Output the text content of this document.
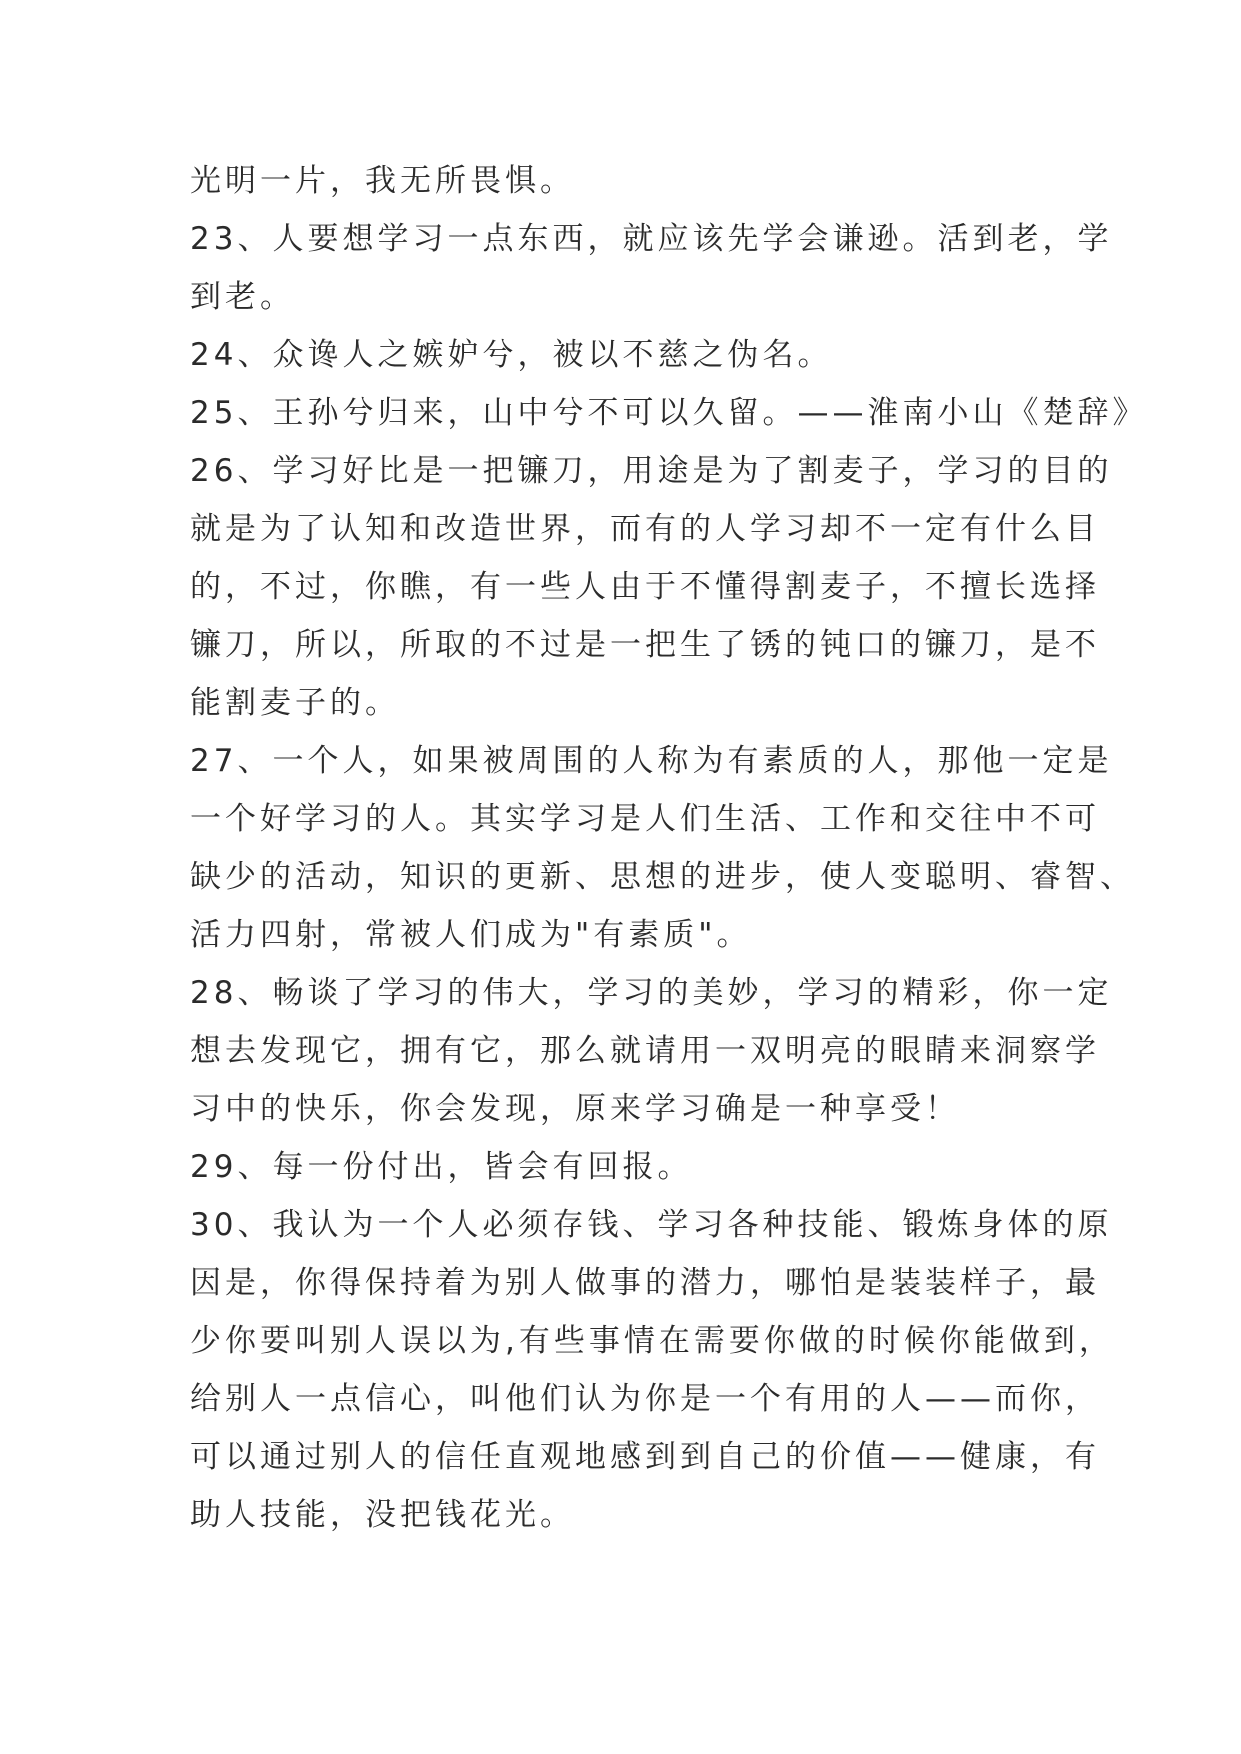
光明一片，我无所畏惧。
23、人要想学习一点东西，就应该先学会谦逊。活到老，学
到老。
24、众谗人之嫉妒兮，被以不慈之伪名。
25、王孙兮归来，山中兮不可以久留。——淮南小山《楚辞》
26、学习好比是一把镰刀，用途是为了割麦子，学习的目的
就是为了认知和改造世界，而有的人学习却不一定有什么目
的，不过，你瞧，有一些人由于不懂得割麦子，不擅长选择
镰刀，所以，所取的不过是一把生了锈的钝口的镰刀，是不
能割麦子的。
27、一个人，如果被周围的人称为有素质的人，那他一定是
一个好学习的人。其实学习是人们生活、工作和交往中不可
缺少的活动，知识的更新、思想的进步，使人变聪明、睿智、
活力四射，常被人们成为"有素质"。
28、畅谈了学习的伟大，学习的美妙，学习的精彩，你一定
想去发现它，拥有它，那么就请用一双明亮的眼睛来洞察学
习中的快乐，你会发现，原来学习确是一种享受！
29、每一份付出，皆会有回报。
30、我认为一个人必须存钱、学习各种技能、锻炼身体的原
因是，你得保持着为别人做事的潜力，哪怕是装装样子，最
少你要叫别人误以为,有些事情在需要你做的时候你能做到，
给别人一点信心，叫他们认为你是一个有用的人——而你，
可以通过别人的信任直观地感到到自己的价值——健康，有
助人技能，没把钱花光。
